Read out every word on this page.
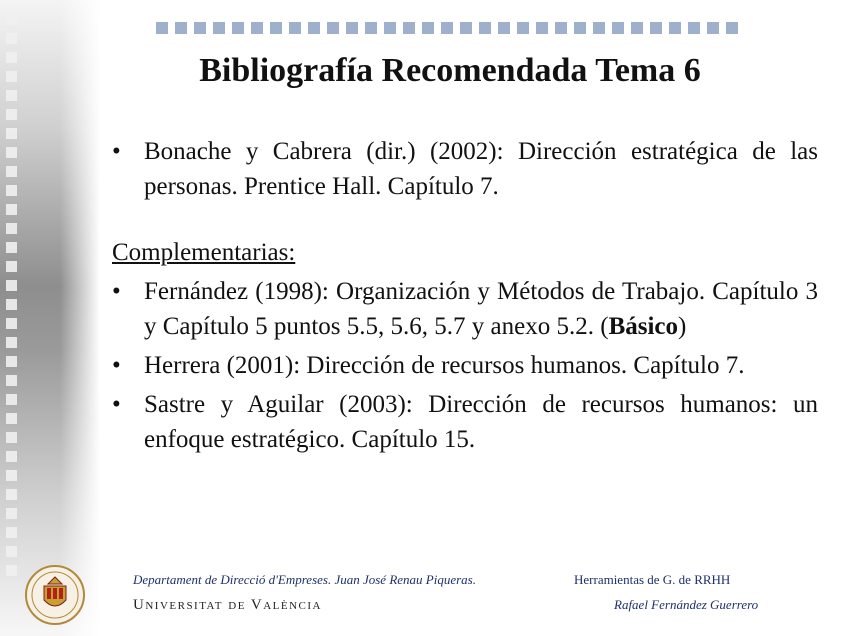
Bibliografía Recomendada Tema 6
• Bonache y Cabrera (dir.) (2002): Dirección estratégica de las personas. Prentice Hall. Capítulo 7.
Complementarias:
• Fernández (1998): Organización y Métodos de Trabajo. Capítulo 3 y Capítulo 5 puntos 5.5, 5.6, 5.7 y anexo 5.2. (Básico)
• Herrera (2001): Dirección de recursos humanos. Capítulo 7.
• Sastre y Aguilar (2003): Dirección de recursos humanos: un enfoque estratégico. Capítulo 15.
Departament de Direcció d'Empreses. Juan José Renau Piqueras.	Herramientas de G. de RRHH
Universitat de València	Rafael Fernández Guerrero
